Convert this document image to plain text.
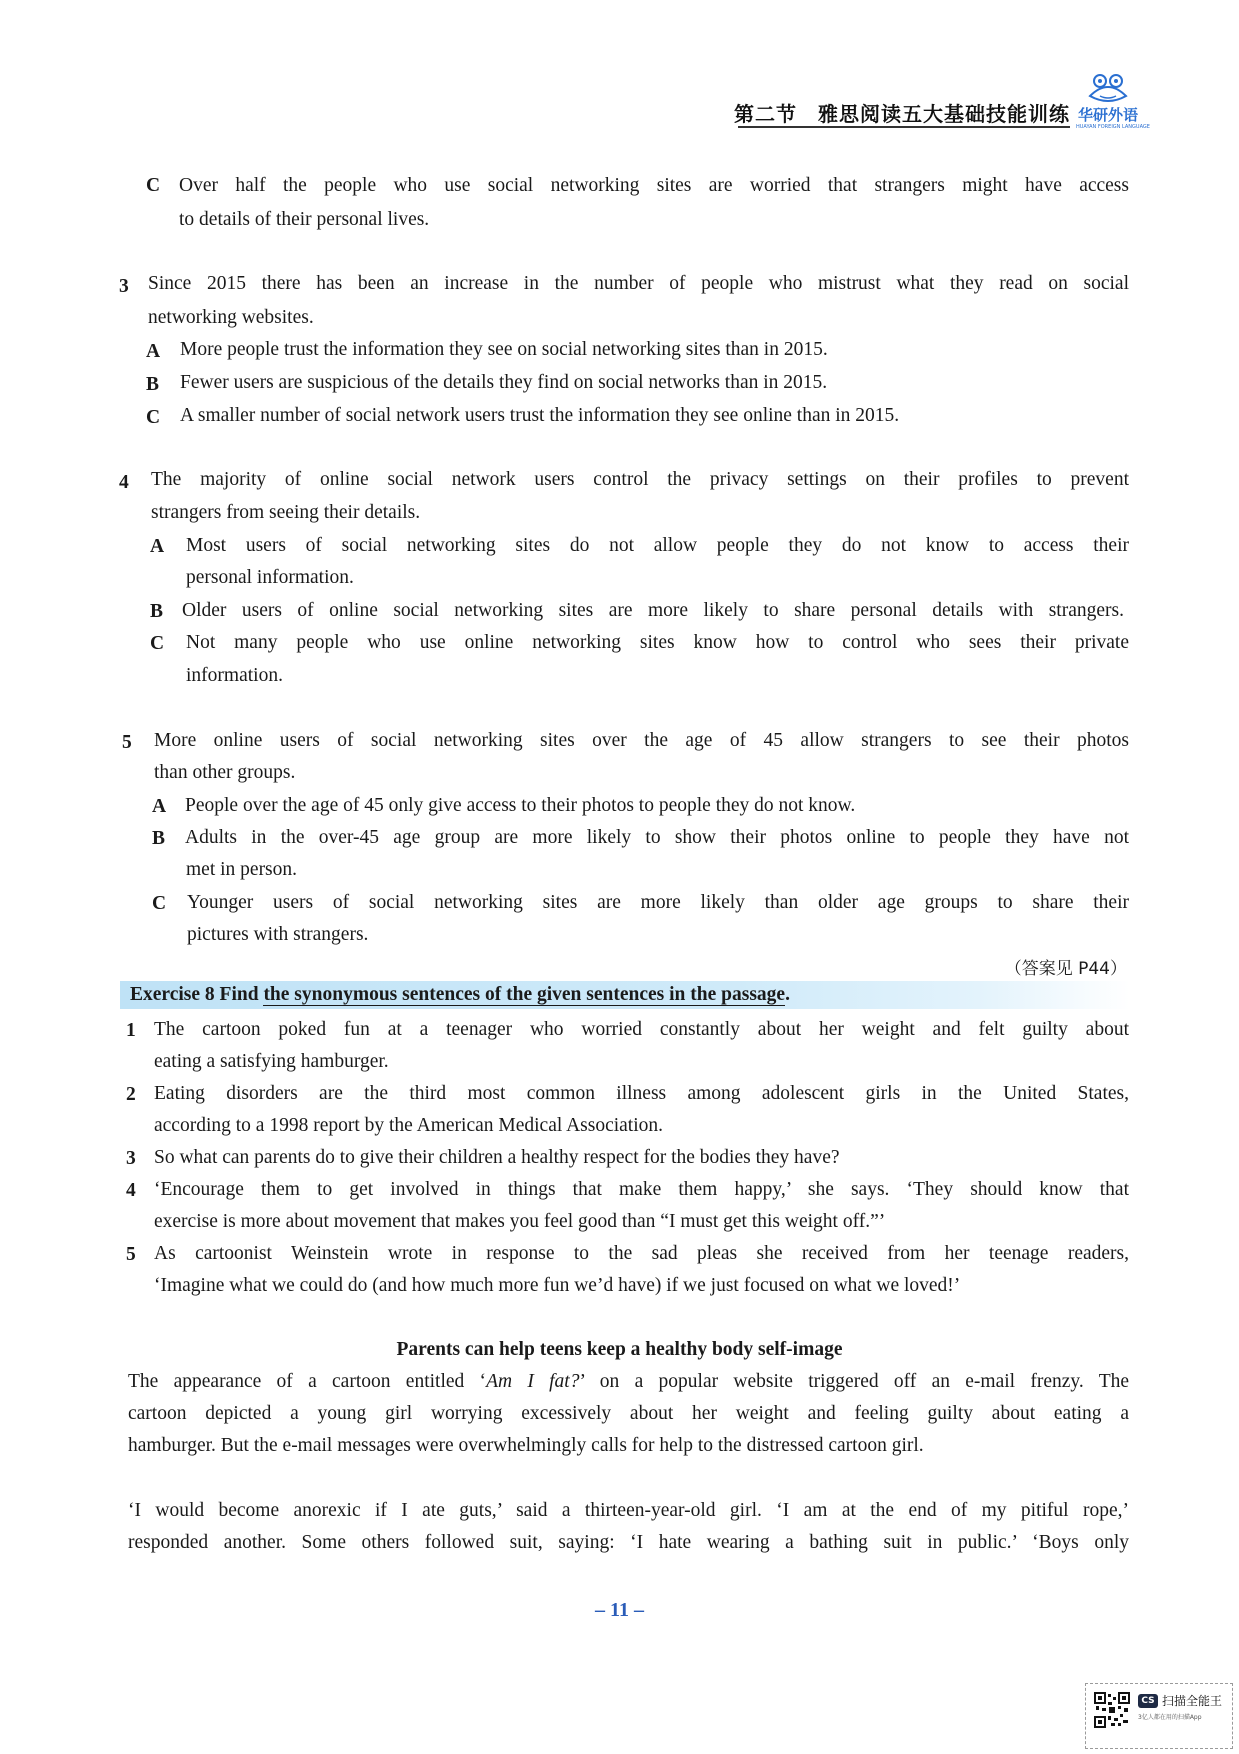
第二节　雅思阅读五大基础技能训练 华研外语
HUAYAN FOREIGN LANGUAGE
C Over half the people who use social networking sites are worried that strangers might have access
to details of their personal lives.
3 Since 2015 there has been an increase in the number of people who mistrust what they read on social
networking websites.
A More people trust the information they see on social networking sites than in 2015.
B Fewer users are suspicious of the details they find on social networks than in 2015.
C A smaller number of social network users trust the information they see online than in 2015.
4 The majority of online social network users control the privacy settings on their profiles to prevent
strangers from seeing their details.
A Most users of social networking sites do not allow people they do not know to access their
personal information.
B Older users of online social networking sites are more likely to share personal details with strangers.
C Not many people who use online networking sites know how to control who sees their private
information.
5 More online users of social networking sites over the age of 45 allow strangers to see their photos
than other groups.
A People over the age of 45 only give access to their photos to people they do not know.
B Adults in the over-45 age group are more likely to show their photos online to people they have not
met in person.
C Younger users of social networking sites are more likely than older age groups to share their
pictures with strangers.
（答案见 P44）
Exercise 8 Find the synonymous sentences of the given sentences in the passage.
1 The cartoon poked fun at a teenager who worried constantly about her weight and felt guilty about
eating a satisfying hamburger.
2 Eating disorders are the third most common illness among adolescent girls in the United States,
according to a 1998 report by the American Medical Association.
3 So what can parents do to give their children a healthy respect for the bodies they have?
4 ‘Encourage them to get involved in things that make them happy,’ she says. ‘They should know that
exercise is more about movement that makes you feel good than “I must get this weight off.”’
5 As cartoonist Weinstein wrote in response to the sad pleas she received from her teenage readers,
‘Imagine what we could do (and how much more fun we’d have) if we just focused on what we loved!’
Parents can help teens keep a healthy body self-image
The appearance of a cartoon entitled ‘Am I fat?’ on a popular website triggered off an e-mail frenzy. The
cartoon depicted a young girl worrying excessively about her weight and feeling guilty about eating a
hamburger. But the e-mail messages were overwhelmingly calls for help to the distressed cartoon girl.
‘I would become anorexic if I ate guts,’ said a thirteen-year-old girl. ‘I am at the end of my pitiful rope,’
responded another. Some others followed suit, saying: ‘I hate wearing a bathing suit in public.’ ‘Boys only
– 11 –
CS 扫描全能王
3亿人都在用的扫描App
